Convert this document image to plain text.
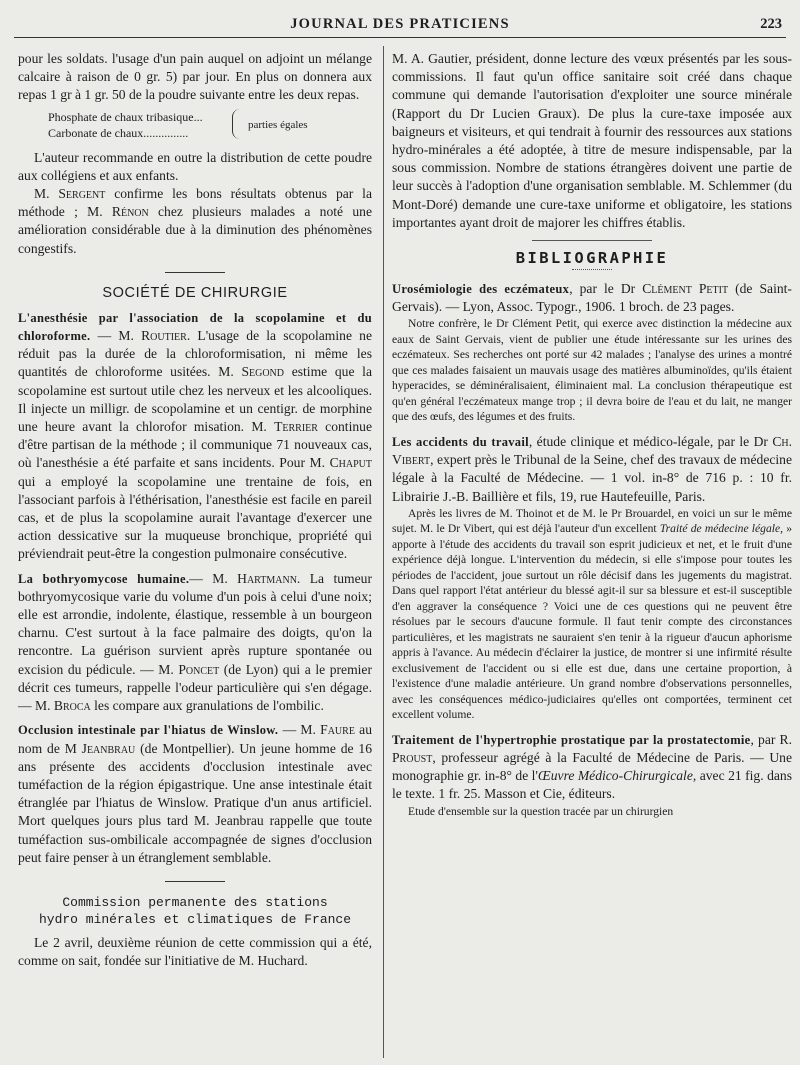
JOURNAL DES PRATICIENS	223

pour les soldats. l'usage d'un pain auquel on adjoint un mélange calcaire à raison de 0 gr. 5) par jour. En plus on donnera aux repas 1 gr à 1 gr. 50 de la poudre suivante entre les deux repas.

Phosphate de chaux tribasique...
Carbonate de chaux...............
parties égales

L'auteur recommande en outre la distribution de cette poudre aux collégiens et aux enfants.

M. Sergent confirme les bons résultats obtenus par la méthode ; M. Rénon chez plusieurs malades a noté une amélioration considérable due à la diminution des phénomènes congestifs.

SOCIÉTÉ DE CHIRURGIE

L'anesthésie par l'association de la scopolamine et du chloroforme. — M. Routier. L'usage de la scopolamine ne réduit pas la durée de la chloroformisation, ni même les quantités de chloroforme usitées. M. Segond estime que la scopolamine est surtout utile chez les nerveux et les alcooliques. Il injecte un milligr. de scopolamine et un centigr. de morphine une heure avant la chlorofor misation. M. Terrier continue d'être partisan de la méthode ; il communique 71 nouveaux cas, où l'anesthésie a été parfaite et sans incidents. Pour M. Chaput qui a employé la scopolamine une trentaine de fois, en l'associant parfois à l'éthérisation, l'anesthésie est facile en pareil cas, et de plus la scopolamine aurait l'avantage d'exercer une action dessicative sur la muqueuse bronchique, propriété qui préviendrait peut-être la congestion pulmonaire consécutive.

La bothryomycose humaine.— M. Hartmann. La tumeur bothryomycosique varie du volume d'un pois à celui d'une noix; elle est arrondie, indolente, élastique, ressemble à un bourgeon charnu. C'est surtout à la face palmaire des doigts, qu'on la rencontre. La guérison survient après rupture spontanée ou excision du pédicule. — M. Poncet (de Lyon) qui a le premier décrit ces tumeurs, rappelle l'odeur particulière qui s'en dégage. — M. Broca les compare aux granulations de l'ombilic.

Occlusion intestinale par l'hiatus de Winslow. — M. Faure au nom de M Jeanbrau (de Montpellier). Un jeune homme de 16 ans présente des accidents d'occlusion intestinale avec tuméfaction de la région épigastrique. Une anse intestinale était étranglée par l'hiatus de Winslow. Pratique d'un anus artificiel. Mort quelques jours plus tard M. Jeanbrau rappelle que toute tuméfaction sus-ombilicale accompagnée de signes d'occlusion peut faire penser à un étranglement semblable.

Commission permanente des stations
hydro minérales et climatiques de France

Le 2 avril, deuxième réunion de cette commission qui a été, comme on sait, fondée sur l'initiative de M. Huchard.

M. A. Gautier, président, donne lecture des vœux présentés par les sous-commissions. Il faut qu'un office sanitaire soit créé dans chaque commune qui demande l'autorisation d'exploiter une source minérale (Rapport du Dr Lucien Graux). De plus la cure-taxe imposée aux baigneurs et visiteurs, et qui tendrait à fournir des ressources aux stations hydro-minérales a été adoptée, à titre de mesure indispensable, par la sous commission. Nombre de stations étrangères doivent une partie de leur succès à l'adoption d'une organisation semblable. M. Schlemmer (du Mont-Doré) demande une cure-taxe uniforme et obligatoire, les stations importantes ayant droit de majorer les chiffres établis.

BIBLIOGRAPHIE

Urosémiologie des eczémateux, par le Dr Clément Petit (de Saint-Gervais). — Lyon, Assoc. Typogr., 1906. 1 broch. de 23 pages.

Notre confrère, le Dr Clément Petit, qui exerce avec distinction la médecine aux eaux de Saint Gervais, vient de publier une étude intéressante sur les urines des eczémateux. Ses recherches ont porté sur 42 malades ; l'analyse des urines a montré que ces malades faisaient un mauvais usage des matières albuminoïdes, qu'ils étaient hyperacides, se déminéralisaient, éliminaient mal. La conclusion thérapeutique est qu'en général l'eczémateux mange trop ; il devra boire de l'eau et du lait, ne manger que des œufs, des légumes et des fruits.

Les accidents du travail, étude clinique et médico-légale, par le Dr Ch. Vibert, expert près le Tribunal de la Seine, chef des travaux de médecine légale à la Faculté de Médecine. — 1 vol. in-8° de 716 p. : 10 fr. Librairie J.-B. Baillière et fils, 19, rue Hautefeuille, Paris.

Après les livres de M. Thoinot et de M. le Pr Brouardel, en voici un sur le même sujet. M. le Dr Vibert, qui est déjà l'auteur d'un excellent Traité de médecine légale, » apporte à l'étude des accidents du travail son esprit judicieux et net, et le fruit d'une expérience déjà longue. L'intervention du médecin, si elle s'impose pour toutes les périodes de l'accident, joue surtout un rôle décisif dans les jugements du magistrat. Dans quel rapport l'état antérieur du blessé agit-il sur sa blessure et est-il susceptible d'en aggraver la conséquence ? Voici une de ces questions qui ne peuvent être résolues par le secours d'aucune formule. Il faut tenir compte des circonstances particulières, et les magistrats ne sauraient s'en tenir à la rigueur d'aucun aphorisme appris à l'avance. Au médecin d'éclairer la justice, de montrer si une infirmité résulte exclusivement de l'accident ou si elle est due, dans une certaine proportion, à l'existence d'une maladie antérieure. Un grand nombre d'observations personnelles, avec les conséquences médico-judiciaires qu'elles ont comportées, terminent cet excellent volume.

Traitement de l'hypertrophie prostatique par la prostatectomie, par R. Proust, professeur agrégé à la Faculté de Médecine de Paris. — Une monographie gr. in-8° de l'Œuvre Médico-Chirurgicale, avec 21 fig. dans le texte. 1 fr. 25. Masson et Cie, éditeurs.

Etude d'ensemble sur la question tracée par un chirurgien
